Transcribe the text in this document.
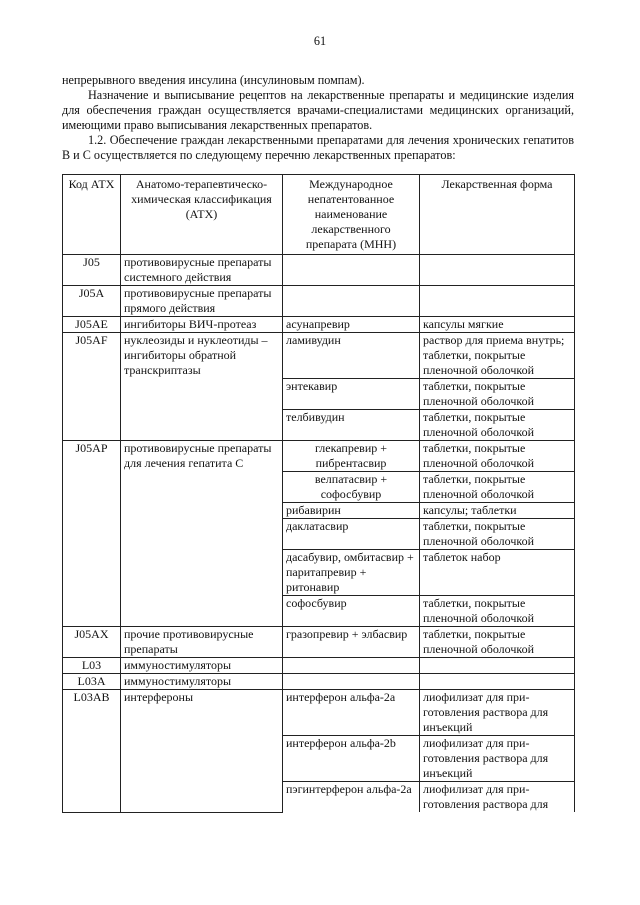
61

непрерывного введения инсулина (инсулиновым помпам).

Назначение и выписывание рецептов на лекарственные препараты и медицинские изделия для обеспечения граждан осуществляется врачами-специалистами медицинских организаций, имеющими право выписывания лекарственных препаратов.

1.2. Обеспечение граждан лекарственными препаратами для лечения хронических гепатитов В и С осуществляется по следующему перечню лекарственных препаратов:

Код АТХ	Анатомо-терапевтическо-химическая классификация (АТХ)	Международное непатентованное наименование лекарственного препарата (МНН)	Лекарственная форма
J05	противовирусные препараты системного действия		
J05A	противовирусные препараты прямого действия		
J05AE	ингибиторы ВИЧ-протеаз	асунапревир	капсулы мягкие
J05AF	нуклеозиды и нуклеотиды – ингибиторы обратной транскриптазы	ламивудин	раствор для приема внутрь; таблетки, покрытые пленочной оболочкой
		энтекавир	таблетки, покрытые пленочной оболочкой
		телбивудин	таблетки, покрытые пленочной оболочкой
J05AP	противовирусные препараты для лечения гепатита С	глекапревир + пибрентасвир	таблетки, покрытые пленочной оболочкой
		велпатасвир + софосбувир	таблетки, покрытые пленочной оболочкой
		рибавирин	капсулы; таблетки
		даклатасвир	таблетки, покрытые пленочной оболочкой
		дасабувир, омбитасвир + паритапревир + ритонавир	таблеток набор
		софосбувир	таблетки, покрытые пленочной оболочкой
J05AX	прочие противовирусные препараты	гразопревир + элбасвир	таблетки, покрытые пленочной оболочкой
L03	иммуностимуляторы		
L03A	иммуностимуляторы		
L03AB	интерфероны	интерферон альфа-2а	лиофилизат для при-готовления раствора для инъекций
		интерферон альфа-2b	лиофилизат для при-готовления раствора для инъекций
		пэгинтерферон альфа-2а	лиофилизат для при-готовления раствора для
